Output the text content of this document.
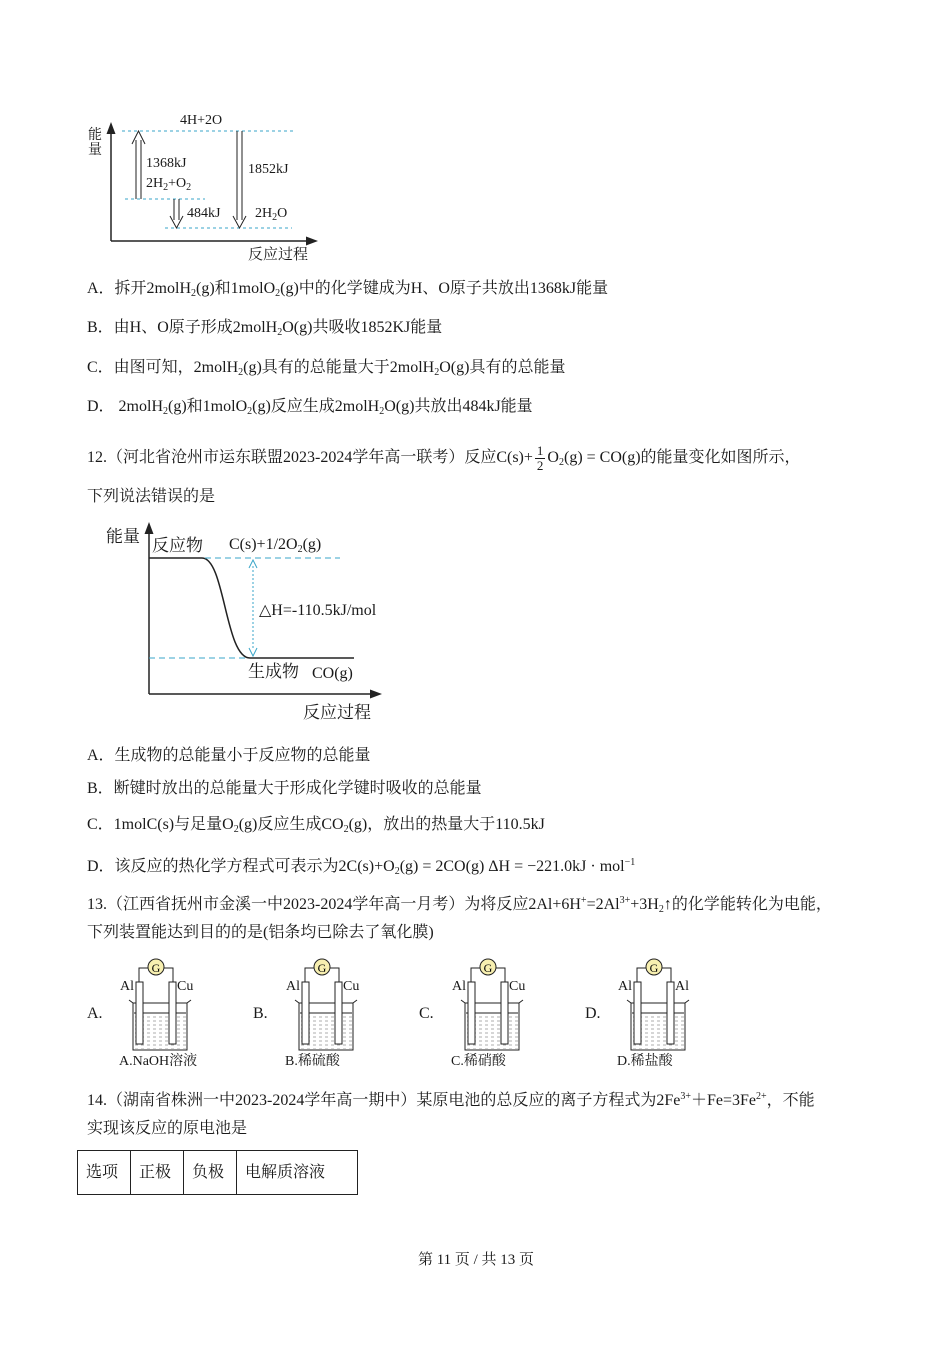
4H+2O
能量
1368kJ
$2H_2+O_2$
1852kJ
484kJ $2H_2O$
反应过程
A．拆开2molH$_2$(g)和1molO$_2$(g)中的化学键成为H、O原子共放出1368kJ能量
B．由H、O原子形成2molH$_2$O(g)共吸收1852KJ能量
C．由图可知，2molH$_2$(g)具有的总能量大于2molH$_2$O(g)具有的总能量
D． 2molH$_2$(g)和1molO$_2$(g)反应生成2molH$_2$O(g)共放出484kJ能量
12.（河北省沧州市运东联盟2023-2024学年高一联考）反应$C(s)+ \frac{1}{2} O_2(g) = CO(g)$的能量变化如图所示，
下列说法错误的是
能量 反应物 $C(s)+1/2O_2(g)$
△H=-110.5kJ/mol
生成物 CO(g)
反应过程
A．生成物的总能量小于反应物的总能量
B．断键时放出的总能量大于形成化学键时吸收的总能量
C．1molC(s)与足量$O_2(g)$反应生成$CO_2(g)$，放出的热量大于110.5kJ
D．该反应的热化学方程式可表示为$2C(s)+O_2(g) = 2CO(g) \Delta H = -221.0kJ \cdot mol^{-1}$
13.（江西省抚州市金溪一中2023-2024学年高一月考）为将反应$2Al+6H^+=2Al^{3+}+3H_2↑$的化学能转化为电能，
下列装置能达到目的的是(铝条均已除去了氧化膜)
A.
G
Al	Cu
A.NaOH溶液
B.
G
Al	Cu
B.稀硫酸
C.
G
Al	Cu
C.稀硝酸
D.
G
Al	Al
D.稀盐酸
14.（湖南省株洲一中2023-2024学年高一期中）某原电池的总反应的离子方程式为$2Fe^{3+}+Fe=3Fe^{2+}$，不能
实现该反应的原电池是
选项	正极	负极	电解质溶液
第 11 页 / 共 13 页
